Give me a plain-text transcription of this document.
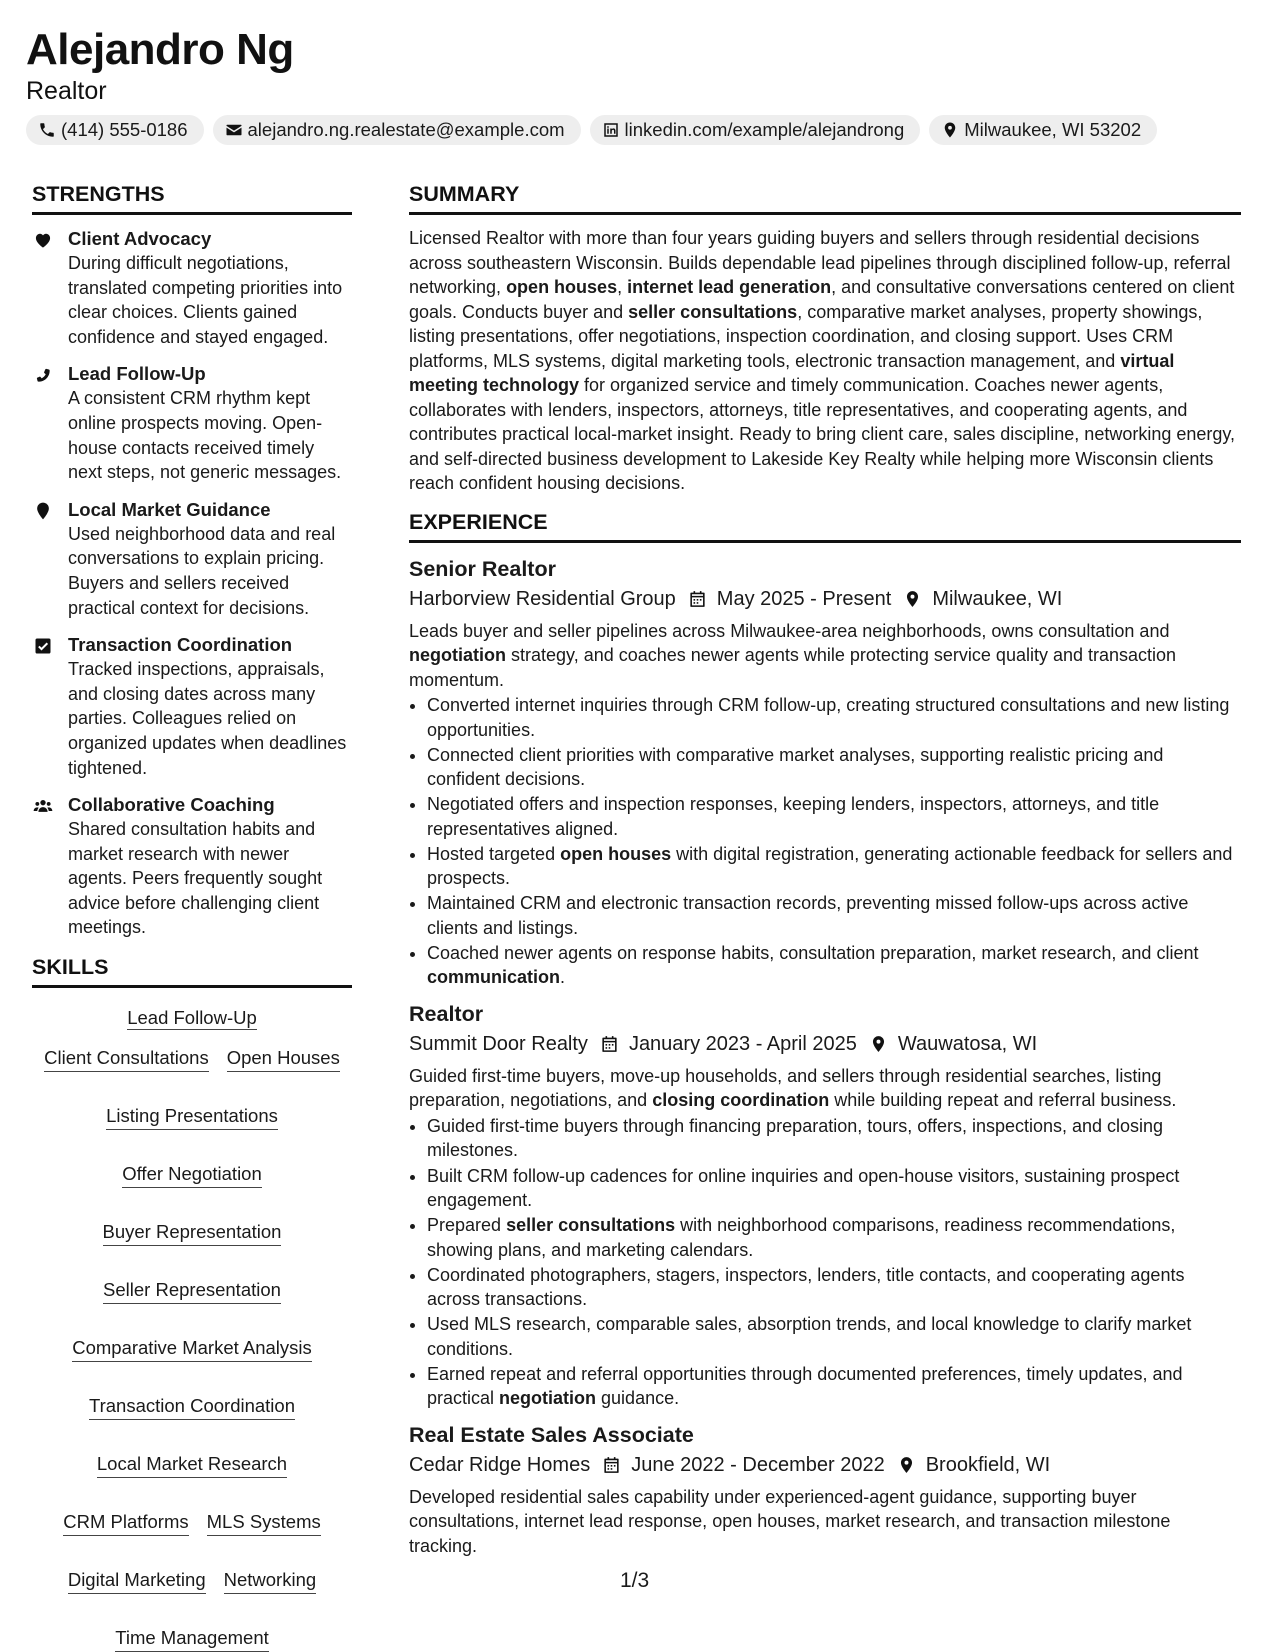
Alejandro Ng
Realtor
(414) 555-0186	alejandro.ng.realestate@example.com	linkedin.com/example/alejandrong	Milwaukee, WI 53202
STRENGTHS
Client Advocacy
During difficult negotiations, translated competing priorities into clear choices. Clients gained confidence and stayed engaged.
Lead Follow-Up
A consistent CRM rhythm kept online prospects moving. Open-house contacts received timely next steps, not generic messages.
Local Market Guidance
Used neighborhood data and real conversations to explain pricing. Buyers and sellers received practical context for decisions.
Transaction Coordination
Tracked inspections, appraisals, and closing dates across many parties. Colleagues relied on organized updates when deadlines tightened.
Collaborative Coaching
Shared consultation habits and market research with newer agents. Peers frequently sought advice before challenging client meetings.
SKILLS
Lead Follow-Up
Client Consultations Open Houses
Listing Presentations
Offer Negotiation
Buyer Representation
Seller Representation
Comparative Market Analysis
Transaction Coordination
Local Market Research
CRM Platforms MLS Systems
Digital Marketing Networking
Time Management
SUMMARY

Licensed Realtor with more than four years guiding buyers and sellers through residential decisions across southeastern Wisconsin. Builds dependable lead pipelines through disciplined follow-up, referral networking, open houses, internet lead generation, and consultative conversations centered on client goals. Conducts buyer and seller consultations, comparative market analyses, property showings, listing presentations, offer negotiations, inspection coordination, and closing support. Uses CRM platforms, MLS systems, digital marketing tools, electronic transaction management, and virtual meeting technology for organized service and timely communication. Coaches newer agents, collaborates with lenders, inspectors, attorneys, title representatives, and cooperating agents, and contributes practical local-market insight. Ready to bring client care, sales discipline, networking energy, and self-directed business development to Lakeside Key Realty while helping more Wisconsin clients reach confident housing decisions.

EXPERIENCE
Senior Realtor
Harborview Residential Group May 2025 - Present Milwaukee, WI

Leads buyer and seller pipelines across Milwaukee-area neighborhoods, owns consultation and negotiation strategy, and coaches newer agents while protecting service quality and transaction momentum.

• Converted internet inquiries through CRM follow-up, creating structured consultations and new listing opportunities.
• Connected client priorities with comparative market analyses, supporting realistic pricing and confident decisions.
• Negotiated offers and inspection responses, keeping lenders, inspectors, attorneys, and title representatives aligned.
• Hosted targeted open houses with digital registration, generating actionable feedback for sellers and prospects.
• Maintained CRM and electronic transaction records, preventing missed follow-ups across active clients and listings.
• Coached newer agents on response habits, consultation preparation, market research, and client communication.
Realtor
Summit Door Realty January 2023 - April 2025 Wauwatosa, WI

Guided first-time buyers, move-up households, and sellers through residential searches, listing preparation, negotiations, and closing coordination while building repeat and referral business.

• Guided first-time buyers through financing preparation, tours, offers, inspections, and closing milestones.
• Built CRM follow-up cadences for online inquiries and open-house visitors, sustaining prospect engagement.
• Prepared seller consultations with neighborhood comparisons, readiness recommendations, showing plans, and marketing calendars.
• Coordinated photographers, stagers, inspectors, lenders, title contacts, and cooperating agents across transactions.
• Used MLS research, comparable sales, absorption trends, and local knowledge to clarify market conditions.
• Earned repeat and referral opportunities through documented preferences, timely updates, and practical negotiation guidance.
Real Estate Sales Associate
Cedar Ridge Homes June 2022 - December 2022 Brookfield, WI

Developed residential sales capability under experienced-agent guidance, supporting buyer consultations, internet lead response, open houses, market research, and transaction milestone tracking.

1/3
